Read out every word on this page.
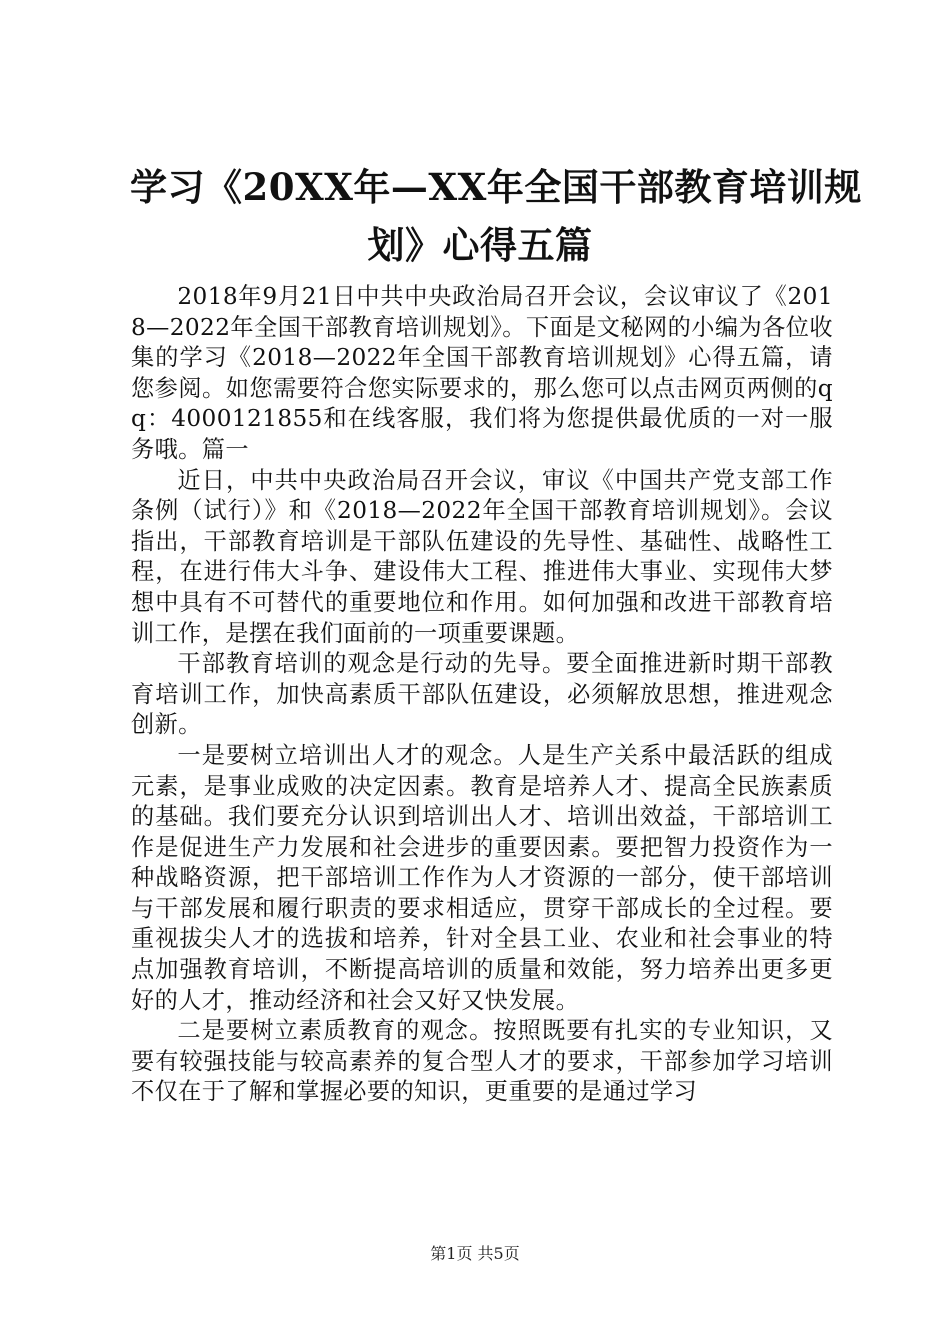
学习《20XX年—XX年全国干部教育培训规
划》心得五篇

2018年9月21日中共中央政治局召开会议，会议审议了《2018—2022年全国干部教育培训规划》。下面是文秘网的小编为各位收集的学习《2018—2022年全国干部教育培训规划》心得五篇，请您参阅。如您需要符合您实际要求的，那么您可以点击网页两侧的qq：4000121855和在线客服，我们将为您提供最优质的一对一服务哦。篇一

近日，中共中央政治局召开会议，审议《中国共产党支部工作条例（试行）》和《2018—2022年全国干部教育培训规划》。会议指出，干部教育培训是干部队伍建设的先导性、基础性、战略性工程，在进行伟大斗争、建设伟大工程、推进伟大事业、实现伟大梦想中具有不可替代的重要地位和作用。如何加强和改进干部教育培训工作，是摆在我们面前的一项重要课题。

干部教育培训的观念是行动的先导。要全面推进新时期干部教育培训工作，加快高素质干部队伍建设，必须解放思想，推进观念创新。

一是要树立培训出人才的观念。人是生产关系中最活跃的组成元素，是事业成败的决定因素。教育是培养人才、提高全民族素质的基础。我们要充分认识到培训出人才、培训出效益，干部培训工作是促进生产力发展和社会进步的重要因素。要把智力投资作为一种战略资源，把干部培训工作作为人才资源的一部分，使干部培训与干部发展和履行职责的要求相适应，贯穿干部成长的全过程。要重视拔尖人才的选拔和培养，针对全县工业、农业和社会事业的特点加强教育培训，不断提高培训的质量和效能，努力培养出更多更好的人才，推动经济和社会又好又快发展。

二是要树立素质教育的观念。按照既要有扎实的专业知识，又要有较强技能与较高素养的复合型人才的要求，干部参加学习培训不仅在于了解和掌握必要的知识，更重要的是通过学习

第1页 共5页
